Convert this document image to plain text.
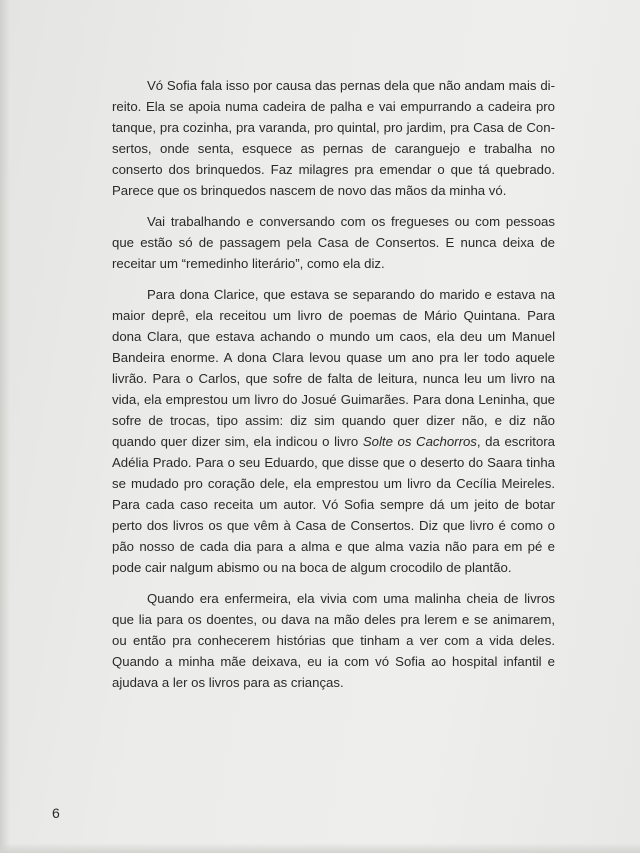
Vó Sofia fala isso por causa das pernas dela que não andam mais direito. Ela se apoia numa cadeira de palha e vai empurrando a cadeira pro tanque, pra cozinha, pra varanda, pro quintal, pro jardim, pra Casa de Consertos, onde senta, esquece as pernas de caranguejo e trabalha no conserto dos brinquedos. Faz milagres pra emendar o que tá quebrado. Parece que os brinquedos nascem de novo das mãos da minha vó.

Vai trabalhando e conversando com os fregueses ou com pessoas que estão só de passagem pela Casa de Consertos. E nunca deixa de receitar um “remedinho literário”, como ela diz.

Para dona Clarice, que estava se separando do marido e estava na maior deprê, ela receitou um livro de poemas de Mário Quintana. Para dona Clara, que estava achando o mundo um caos, ela deu um Manuel Bandeira enorme. A dona Clara levou quase um ano pra ler todo aquele livrão. Para o Carlos, que sofre de falta de leitura, nunca leu um livro na vida, ela emprestou um livro do Josué Guimarães. Para dona Leninha, que sofre de trocas, tipo assim: diz sim quando quer dizer não, e diz não quando quer dizer sim, ela indicou o livro Solte os Cachorros, da escritora Adélia Prado. Para o seu Eduardo, que disse que o deserto do Saara tinha se mudado pro coração dele, ela emprestou um livro da Cecília Meireles. Para cada caso receita um autor. Vó Sofia sempre dá um jeito de botar perto dos livros os que vêm à Casa de Consertos. Diz que livro é como o pão nosso de cada dia para a alma e que alma vazia não para em pé e pode cair nalgum abismo ou na boca de algum crocodilo de plantão.

Quando era enfermeira, ela vivia com uma malinha cheia de livros que lia para os doentes, ou dava na mão deles pra lerem e se animarem, ou então pra conhecerem histórias que tinham a ver com a vida deles. Quando a minha mãe deixava, eu ia com vó Sofia ao hospital infantil e ajudava a ler os livros para as crianças.

6
